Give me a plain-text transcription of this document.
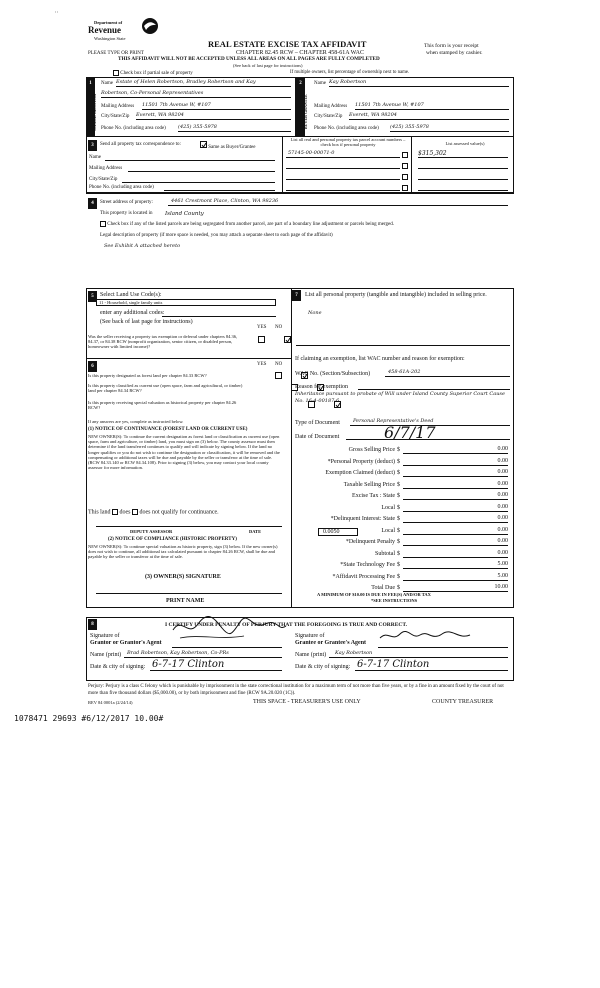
' '
Department of
Revenue
Washington State
REAL ESTATE EXCISE TAX AFFIDAVIT
CHAPTER 82.45 RCW – CHAPTER 458-61A WAC
THIS AFFIDAVIT WILL NOT BE ACCEPTED UNLESS ALL AREAS ON ALL PAGES ARE FULLY COMPLETED
(See back of last page for instructions)
PLEASE TYPE OR PRINT
This form is your receipt
when stamped by cashier.
Check box if partial sale of property	If multiple owners, list percentage of ownership next to name.
1
SELLER GRANTOR
Name Estate of Helen Robertson, Bradley Robertson and Kay
Robertson, Co-Personal Representatives
Mailing Address 11501 7th Avenue W, #107
City/State/Zip Everett, WA 98204
Phone No. (including area code) (425) 355-5978
2
BUYER GRANTEE
Name Kay Robertson
Mailing Address 11501 7th Avenue W, #107
City/State/Zip Everett, WA 98204
Phone No. (including area code) (425) 355-5978
3	Send all property tax correspondence to:
Same as Buyer/Grantee
Name
Mailing Address
City/State/Zip
Phone No. (including area code)
List all real and personal property tax parcel account numbers – check box if personal property	List assessed value(s)
57145-00-00071-0	$315,302
4	Street address of property:	4461 Crestmont Place, Clinton, WA 98236
This property is located in Island County
Check box if any of the listed parcels are being segregated from another parcel, are part of a boundary line adjustment or parcels being merged.
Legal description of property (if more space is needed, you may attach a separate sheet to each page of the affidavit)
See Exhibit A attached hereto
5	Select Land Use Code(s):
11 - Household, single family units
enter any additional codes:
(See back of last page for instructions)
YES NO
Was the seller receiving a property tax exemption or deferral under chapters 84.36, 84.37, or 84.38 RCW (nonprofit organization, senior citizen, or disabled person, homeowner with limited income)?

6	YES NO
Is this property designated as forest land per chapter 84.33 RCW?

Is this property classified as current use (open space, farm and agricultural, or timber) land per chapter 84.34 RCW?

Is this property receiving special valuation as historical property per chapter 84.26 RCW?

If any answers are yes, complete as instructed below.
(1) NOTICE OF CONTINUANCE (FOREST LAND OR CURRENT USE)
NEW OWNER(S): To continue the current designation as forest land or classification as current use (open space, farm and agriculture, or timber) land, you must sign on (3) below. The county assessor must then determine if the land transferred continues to qualify and will indicate by signing below. If the land no longer qualifies or you do not wish to continue the designation or classification, it will be removed and the compensating or additional taxes will be due and payable by the seller or transferor at the time of sale. (RCW 84.33.140 or RCW 84.34.108). Prior to signing (3) below, you may contact your local county assessor for more information.
This land does does not qualify for continuance.
DEPUTY ASSESSOR	DATE
(2) NOTICE OF COMPLIANCE (HISTORIC PROPERTY)
NEW OWNER(S): To continue special valuation as historic property, sign (3) below. If the new owner(s) does not wish to continue, all additional tax calculated pursuant to chapter 84.26 RCW, shall be due and payable by the seller or transferor at the time of sale.
(3) OWNER(S) SIGNATURE
PRINT NAME
7	List all personal property (tangible and intangible) included in selling price.
None
If claiming an exemption, list WAC number and reason for exemption:
WAC No. (Section/Subsection)	458-61A-202
Reason for exemption
Inheritance pursuant to probate of Will under Island County Superior Court Cause No. 16-4-00187-6
Type of Document	Personal Representative's Deed
Date of Document	6/7/17
Gross Selling Price $	0.00
*Personal Property (deduct) $	0.00
Exemption Claimed (deduct) $	0.00
Taxable Selling Price $	0.00
Excise Tax : State $	0.00
Local $	0.00
*Delinquent Interest: State $	0.00
Local $	0.00
*Delinquent Penalty $	0.00
Subtotal $	0.00
*State Technology Fee $	5.00
*Affidavit Processing Fee $	5.00
Total Due $	10.00
0.0050
A MINIMUM OF $10.00 IS DUE IN FEE(S) AND/OR TAX
*SEE INSTRUCTIONS
8	I CERTIFY UNDER PENALTY OF PERJURY THAT THE FOREGOING IS TRUE AND CORRECT.
Signature of
Grantor or Grantor's Agent
Signature of
Grantee or Grantee's Agent
Name (print)	Brad Robertson, Kay Robertson, Co-PRs	Name (print)	Kay Robertson
Date & city of signing: 6-7-17 Clinton	Date & city of signing: 6-7-17 Clinton
Perjury: Perjury is a class C felony which is punishable by imprisonment in the state correctional institution for a maximum term of not more than five years, or by a fine in an amount fixed by the court of not more than five thousand dollars ($5,000.00), or by both imprisonment and fine (RCW 9A.20.020 (1C)).
REV 84 0001a (2/24/14)	THIS SPACE - TREASURER'S USE ONLY	COUNTY TREASURER
1078471 29693 #6/12/2017 10.00#
